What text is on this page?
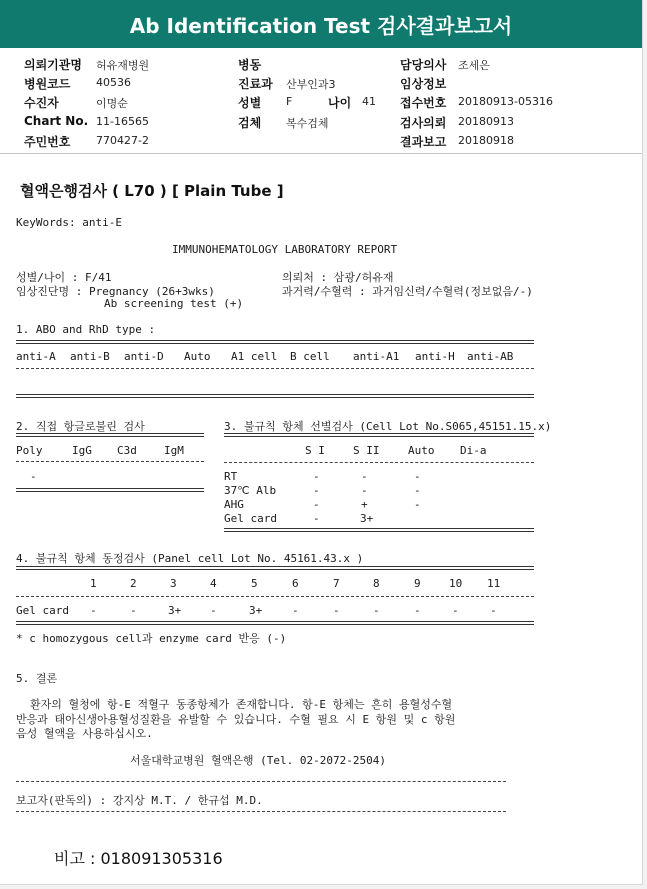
Ab Identification Test 검사결과보고서
의뢰기관명 허유재병원
병원코드 40536
수진자	이명순
Chart No. 11-16565
주민번호 770427-2
병동
진료과 산부인과3
성별 F	나이 41
검체 복수검체
담당의사 조세은
임상정보
접수번호 20180913-05316
검사의뢰 20180913
결과보고 20180918
혈액은행검사 ( L70 ) [ Plain Tube ]
KeyWords: anti-E
IMMUNOHEMATOLOGY LABORATORY REPORT
성별/나이 : F/41
임상진단명 : Pregnancy (26+3wks)
Ab screening test (+)
의뢰처 : 삼광/허유재
과거력/수혈력 : 과거임신력/수혈력(정보없음/-)
1. ABO and RhD type :
anti-A anti-B anti-D Auto A1 cell B cell anti-A1 anti-H anti-AB
2. 직접 항글로불린 검사
Poly	IgG C3d IgM
-
3. 불규칙 항체 선별검사 (Cell Lot No.S065,45151.15.x)
S I	S II	Auto Di-a
RT	-	-	-
37℃ Alb	-	-	-
AHG	-	+	-
Gel card	-	3+
4. 불규칙 항체 동정검사 (Panel cell Lot No. 45161.43.x )
1	2	3	4	5	6	7	8	9	10 11
Gel card -	-	3+	-	3+	-	-	-	-	-	-
* c homozygous cell과 enzyme card 반응 (-)
5. 결론
환자의 혈청에 항-E 적혈구 동종항체가 존재합니다. 항-E 항체는 흔히 용혈성수혈
반응과 태아신생아용혈성질환을 유발할 수 있습니다. 수혈 필요 시 E 항원 및 c 항원
음성 혈액을 사용하십시오.
서울대학교병원 혈액은행 (Tel. 02-2072-2504)
보고자(판독의) : 강지상 M.T. / 한규섭 M.D.
비고 : 018091305316
